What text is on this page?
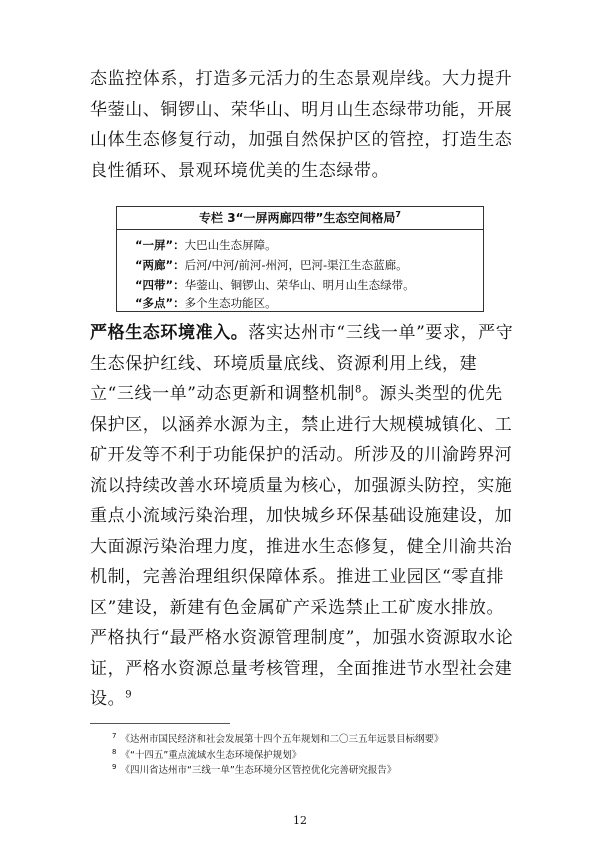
态监控体系，打造多元活力的生态景观岸线。大力提升华蓥山、铜锣山、荣华山、明月山生态绿带功能，开展山体生态修复行动，加强自然保护区的管控，打造生态良性循环、景观环境优美的生态绿带。

专栏 3“一屏两廊四带”生态空间格局$^7$
“一屏”：大巴山生态屏障。
“两廊”：后河/中河/前河-州河，巴河-渠江生态蓝廊。
“四带”：华蓥山、铜锣山、荣华山、明月山生态绿带。
“多点”：多个生态功能区。

严格生态环境准入。落实达州市“三线一单”要求，严守生态保护红线、环境质量底线、资源利用上线，建立“三线一单”动态更新和调整机制$^8$。源头类型的优先保护区，以涵养水源为主，禁止进行大规模城镇化、工矿开发等不利于功能保护的活动。所涉及的川渝跨界河流以持续改善水环境质量为核心，加强源头防控，实施重点小流域污染治理，加快城乡环保基础设施建设，加大面源污染治理力度，推进水生态修复，健全川渝共治机制，完善治理组织保障体系。推进工业园区“零直排区”建设，新建有色金属矿产采选禁止工矿废水排放。严格执行“最严格水资源管理制度”，加强水资源取水论证，严格水资源总量考核管理，全面推进节水型社会建设。$^9$

$^7$ 《达州市国民经济和社会发展第十四个五年规划和二〇三五年远景目标纲要》
$^8$ 《“十四五”重点流域水生态环境保护规划》
$^9$ 《四川省达州市“三线一单”生态环境分区管控优化完善研究报告》
12
